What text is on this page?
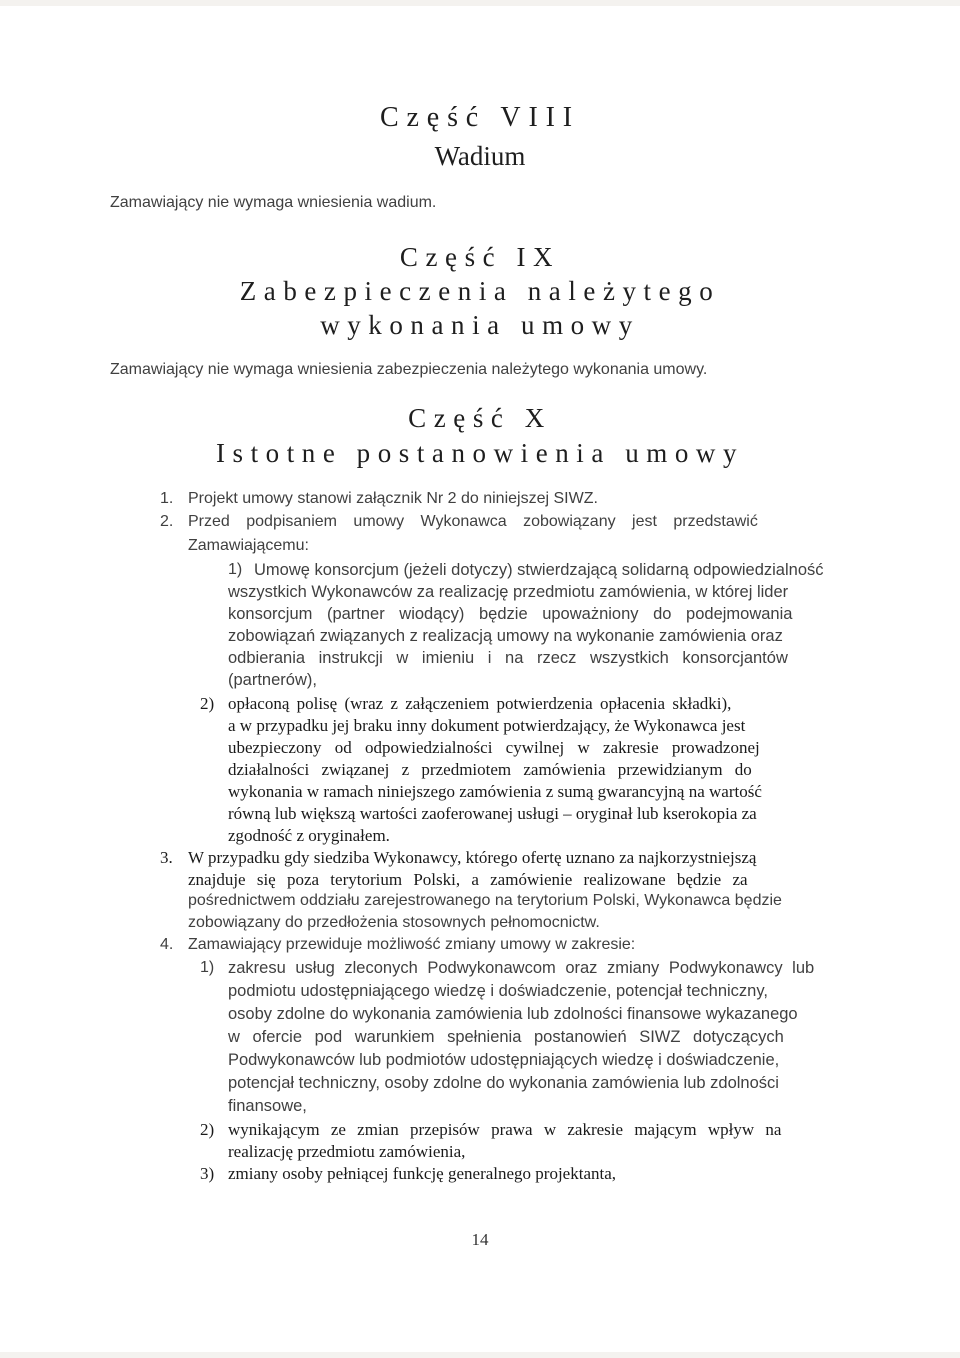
Część VIII
Wadium
Zamawiający nie wymaga wniesienia wadium.
Część IX
Zabezpieczenia należytego
wykonania umowy
Zamawiający nie wymaga wniesienia zabezpieczenia należytego wykonania umowy.
Część X
Istotne postanowienia umowy
1. Projekt umowy stanowi załącznik Nr 2 do niniejszej SIWZ.
2. Przed podpisaniem umowy Wykonawca zobowiązany jest przedstawić
Zamawiającemu:
1) Umowę konsorcjum (jeżeli dotyczy) stwierdzającą solidarną odpowiedzialność
wszystkich Wykonawców za realizację przedmiotu zamówienia, w której lider
konsorcjum (partner wiodący) będzie upoważniony do podejmowania
zobowiązań związanych z realizacją umowy na wykonanie zamówienia oraz
odbierania instrukcji w imieniu i na rzecz wszystkich konsorcjantów
(partnerów),
2) opłaconą polisę (wraz z załączeniem potwierdzenia opłacenia składki),
a w przypadku jej braku inny dokument potwierdzający, że Wykonawca jest
ubezpieczony od odpowiedzialności cywilnej w zakresie prowadzonej
działalności związanej z przedmiotem zamówienia przewidzianym do
wykonania w ramach niniejszego zamówienia z sumą gwarancyjną na wartość
równą lub większą wartości zaoferowanej usługi – oryginał lub kserokopia za
zgodność z oryginałem.
3. W przypadku gdy siedziba Wykonawcy, którego ofertę uznano za najkorzystniejszą
znajduje się poza terytorium Polski, a zamówienie realizowane będzie za
pośrednictwem oddziału zarejestrowanego na terytorium Polski, Wykonawca będzie
zobowiązany do przedłożenia stosownych pełnomocnictw.
4. Zamawiający przewiduje możliwość zmiany umowy w zakresie:
1) zakresu usług zleconych Podwykonawcom oraz zmiany Podwykonawcy lub
podmiotu udostępniającego wiedzę i doświadczenie, potencjał techniczny,
osoby zdolne do wykonania zamówienia lub zdolności finansowe wykazanego
w ofercie pod warunkiem spełnienia postanowień SIWZ dotyczących
Podwykonawców lub podmiotów udostępniających wiedzę i doświadczenie,
potencjał techniczny, osoby zdolne do wykonania zamówienia lub zdolności
finansowe,
2) wynikającym ze zmian przepisów prawa w zakresie mającym wpływ na
realizację przedmiotu zamówienia,
3) zmiany osoby pełniącej funkcję generalnego projektanta,
14
